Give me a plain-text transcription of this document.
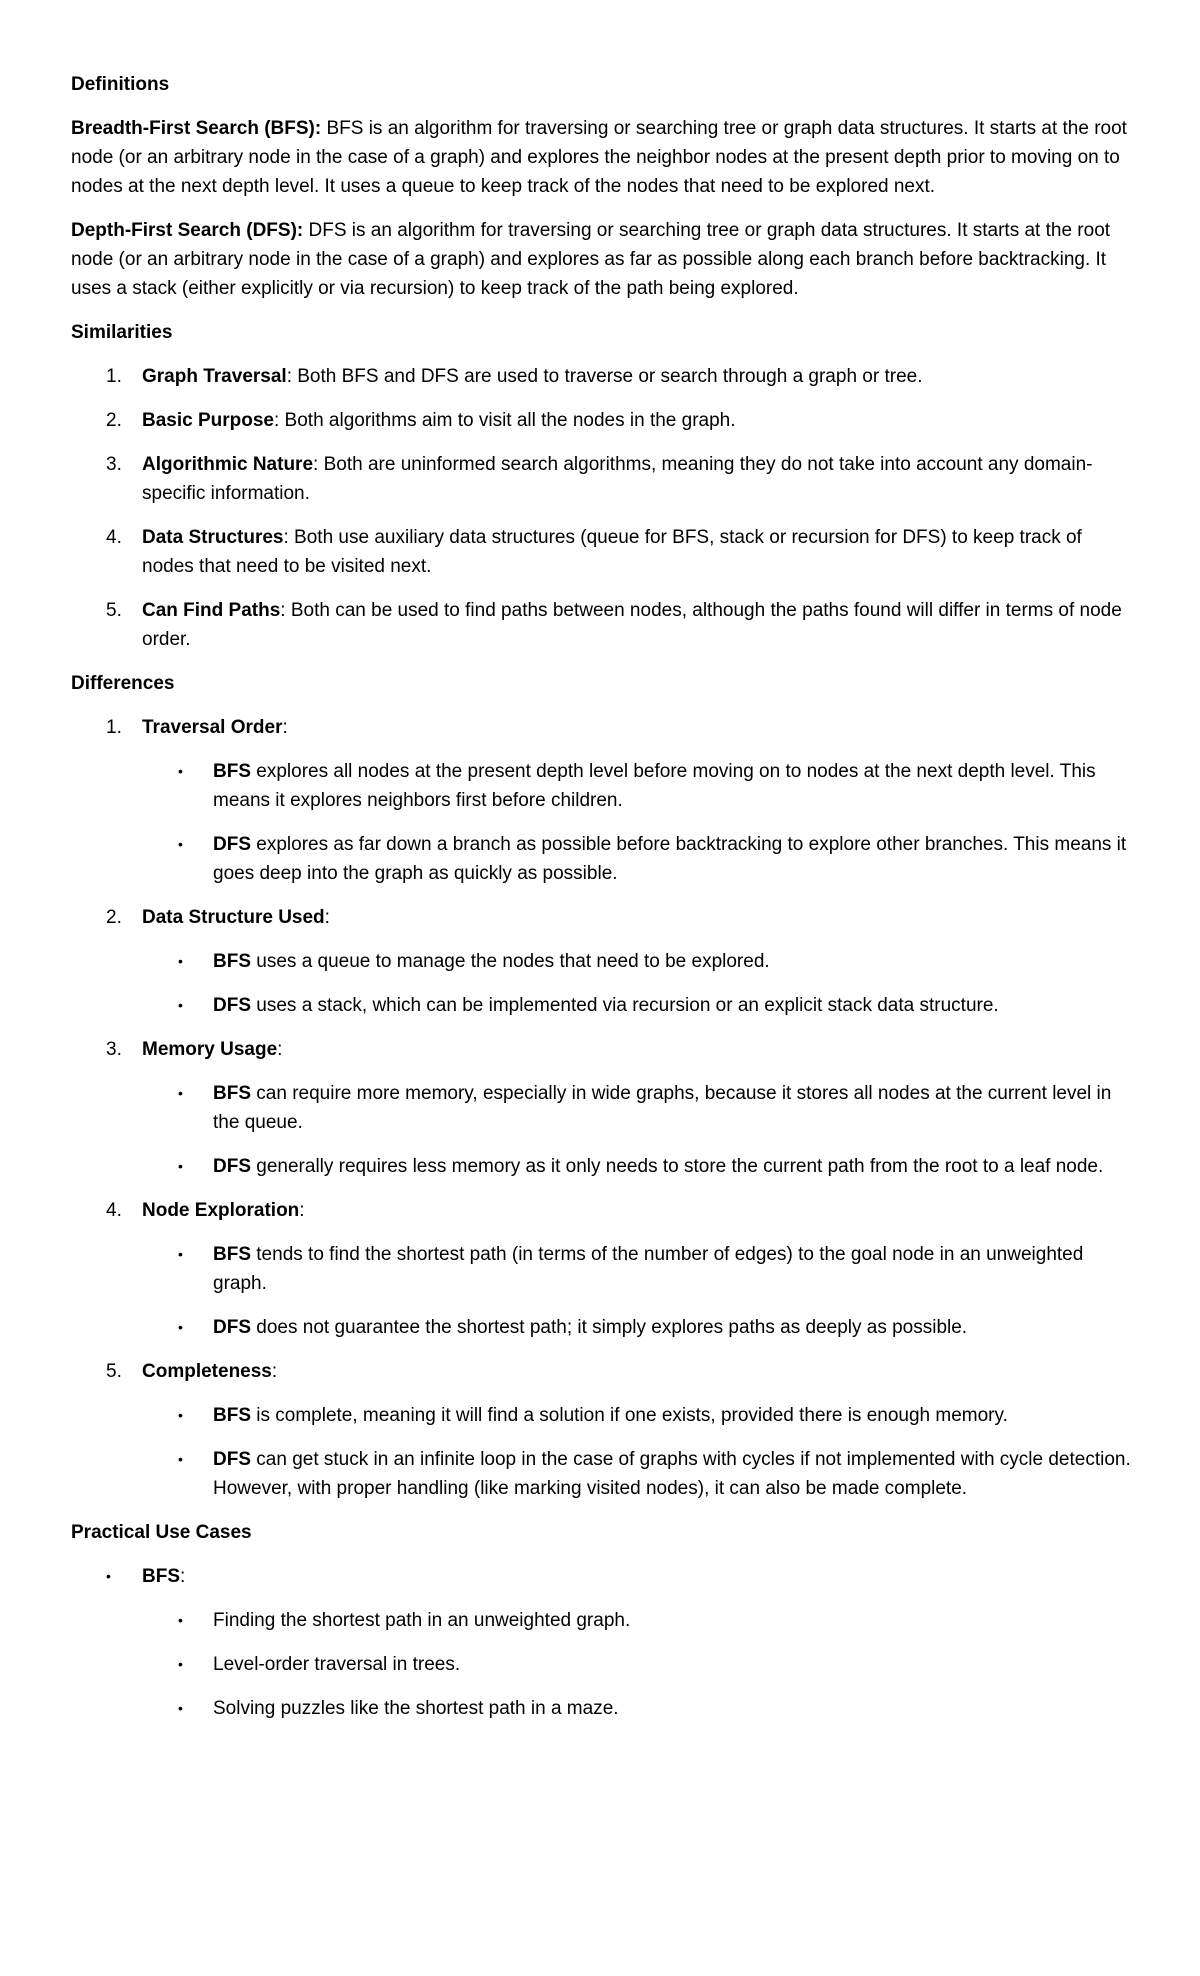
Definitions

Breadth-First Search (BFS): BFS is an algorithm for traversing or searching tree or graph data structures. It starts at the root node (or an arbitrary node in the case of a graph) and explores the neighbor nodes at the present depth prior to moving on to nodes at the next depth level. It uses a queue to keep track of the nodes that need to be explored next.

Depth-First Search (DFS): DFS is an algorithm for traversing or searching tree or graph data structures. It starts at the root node (or an arbitrary node in the case of a graph) and explores as far as possible along each branch before backtracking. It uses a stack (either explicitly or via recursion) to keep track of the path being explored.

Similarities
1. Graph Traversal: Both BFS and DFS are used to traverse or search through a graph or tree.
2. Basic Purpose: Both algorithms aim to visit all the nodes in the graph.
3. Algorithmic Nature: Both are uninformed search algorithms, meaning they do not take into account any domain-specific information.
4. Data Structures: Both use auxiliary data structures (queue for BFS, stack or recursion for DFS) to keep track of nodes that need to be visited next.
5. Can Find Paths: Both can be used to find paths between nodes, although the paths found will differ in terms of node order.
Differences
1. Traversal Order:
• BFS explores all nodes at the present depth level before moving on to nodes at the next depth level. This means it explores neighbors first before children.
• DFS explores as far down a branch as possible before backtracking to explore other branches. This means it goes deep into the graph as quickly as possible.
2. Data Structure Used:
• BFS uses a queue to manage the nodes that need to be explored.
• DFS uses a stack, which can be implemented via recursion or an explicit stack data structure.
3. Memory Usage:
• BFS can require more memory, especially in wide graphs, because it stores all nodes at the current level in the queue.
• DFS generally requires less memory as it only needs to store the current path from the root to a leaf node.
4. Node Exploration:
• BFS tends to find the shortest path (in terms of the number of edges) to the goal node in an unweighted graph.
• DFS does not guarantee the shortest path; it simply explores paths as deeply as possible.
5. Completeness:
• BFS is complete, meaning it will find a solution if one exists, provided there is enough memory.
• DFS can get stuck in an infinite loop in the case of graphs with cycles if not implemented with cycle detection. However, with proper handling (like marking visited nodes), it can also be made complete.
Practical Use Cases
• BFS:
• Finding the shortest path in an unweighted graph.
• Level-order traversal in trees.
• Solving puzzles like the shortest path in a maze.
